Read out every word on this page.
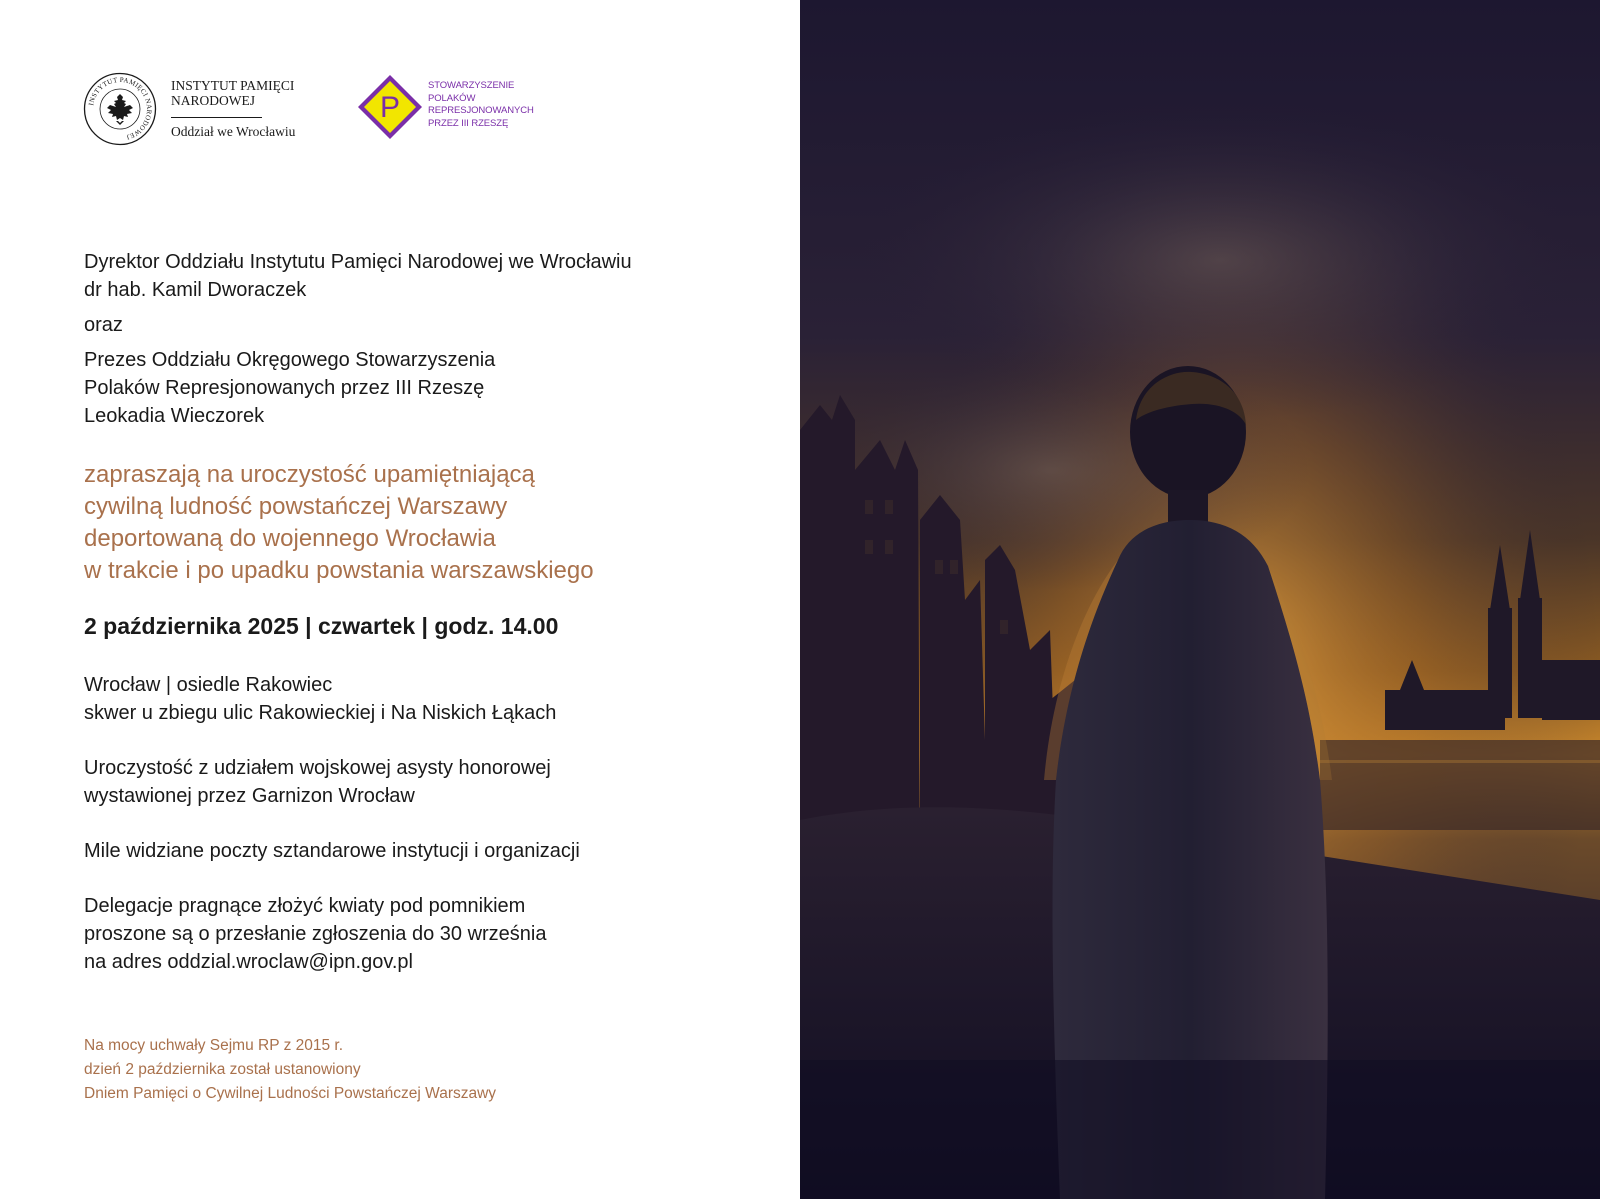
INSTYTUT PAMIĘCI NARODOWEJ
INSTYTUT PAMIĘCI
NARODOWEJ
Oddział we Wrocławiu
P
STOWARZYSZENIE
POLAKÓW
REPRESJONOWANYCH
PRZEZ III RZESZĘ
Dyrektor Oddziału Instytutu Pamięci Narodowej we Wrocławiu
dr hab. Kamil Dworaczek
oraz
Prezes Oddziału Okręgowego Stowarzyszenia
Polaków Represjonowanych przez III Rzeszę
Leokadia Wieczorek
zapraszają na uroczystość upamiętniającą
cywilną ludność powstańczej Warszawy
deportowaną do wojennego Wrocławia
w trakcie i po upadku powstania warszawskiego
2 października 2025 | czwartek | godz. 14.00
Wrocław | osiedle Rakowiec
skwer u zbiegu ulic Rakowieckiej i Na Niskich Łąkach
Uroczystość z udziałem wojskowej asysty honorowej
wystawionej przez Garnizon Wrocław
Mile widziane poczty sztandarowe instytucji i organizacji
Delegacje pragnące złożyć kwiaty pod pomnikiem
proszone są o przesłanie zgłoszenia do 30 września
na adres oddzial.wroclaw@ipn.gov.pl
Na mocy uchwały Sejmu RP z 2015 r.
dzień 2 października został ustanowiony
Dniem Pamięci o Cywilnej Ludności Powstańczej Warszawy
